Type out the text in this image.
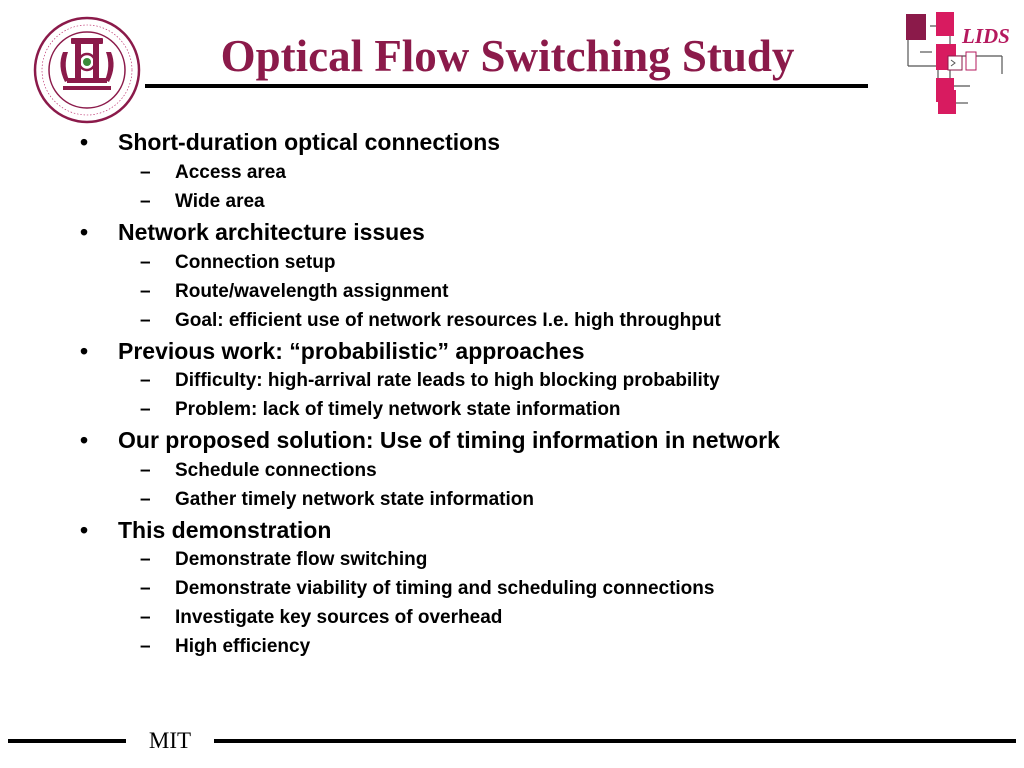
Optical Flow Switching Study	LIDS
• Short-duration optical connections
– Access area
– Wide area
• Network architecture issues
– Connection setup
– Route/wavelength assignment
– Goal: efficient use of network resources I.e. high throughput
• Previous work: “probabilistic” approaches
– Difficulty: high-arrival rate leads to high blocking probability
– Problem: lack of timely network state information
• Our proposed solution: Use of timing information in network
– Schedule connections
– Gather timely network state information
• This demonstration
– Demonstrate flow switching
– Demonstrate viability of timing and scheduling connections
– Investigate key sources of overhead
– High efficiency
MIT
